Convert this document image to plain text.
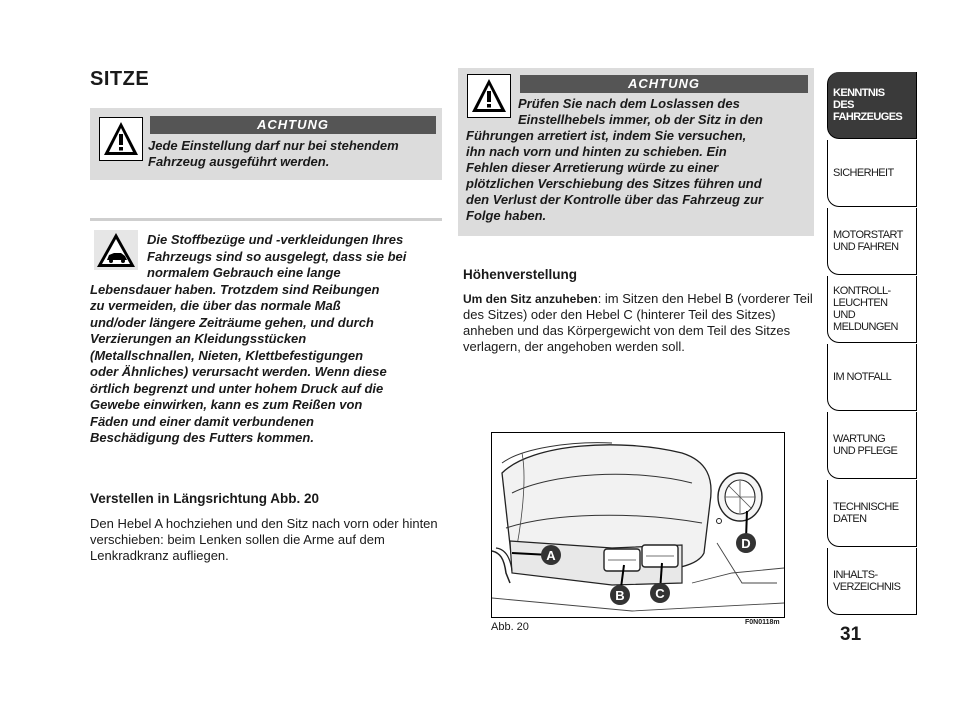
SITZE
ACHTUNG
Jede Einstellung darf nur bei stehendem Fahrzeug ausgeführt werden.

Die Stoffbezüge und -verkleidungen Ihres

Fahrzeugs sind so ausgelegt, dass sie bei

normalem Gebrauch eine lange

Lebensdauer haben. Trotzdem sind Reibungen

zu vermeiden, die über das normale Maß

und/oder längere Zeiträume gehen, und durch

Verzierungen an Kleidungsstücken

(Metallschnallen, Nieten, Klettbefestigungen

oder Ähnliches) verursacht werden. Wenn diese

örtlich begrenzt und unter hohem Druck auf die

Gewebe einwirken, kann es zum Reißen von

Fäden und einer damit verbundenen

Beschädigung des Futters kommen.

Verstellen in Längsrichtung Abb. 20
Den Hebel A hochziehen und den Sitz nach vorn oder hinten verschieben: beim Lenken sollen die Arme auf dem Lenkradkranz aufliegen.
ACHTUNG
Prüfen Sie nach dem Loslassen des
Einstellhebels immer, ob der Sitz in den
Führungen arretiert ist, indem Sie versuchen,
ihn nach vorn und hinten zu schieben. Ein
Fehlen dieser Arretierung würde zu einer
plötzlichen Verschiebung des Sitzes führen und
den Verlust der Kontrolle über das Fahrzeug zur
Folge haben.
Höhenverstellung
Um den Sitz anzuheben: im Sitzen den Hebel B (vorderer Teil des Sitzes) oder den Hebel C (hinterer Teil des Sitzes) anheben und das Körpergewicht von dem Teil des Sitzes verlagern, der angehoben werden soll.
A
B C
D
Abb. 20	F0N0118m
KENNTNIS
DES FAHRZEUGES
SICHERHEIT
MOTORSTART
UND FAHREN
KONTROLL-
LEUCHTEN
UND MELDUNGEN
IM NOTFALL
WARTUNG
UND PFLEGE
TECHNISCHE
DATEN
INHALTS-
VERZEICHNIS
31
